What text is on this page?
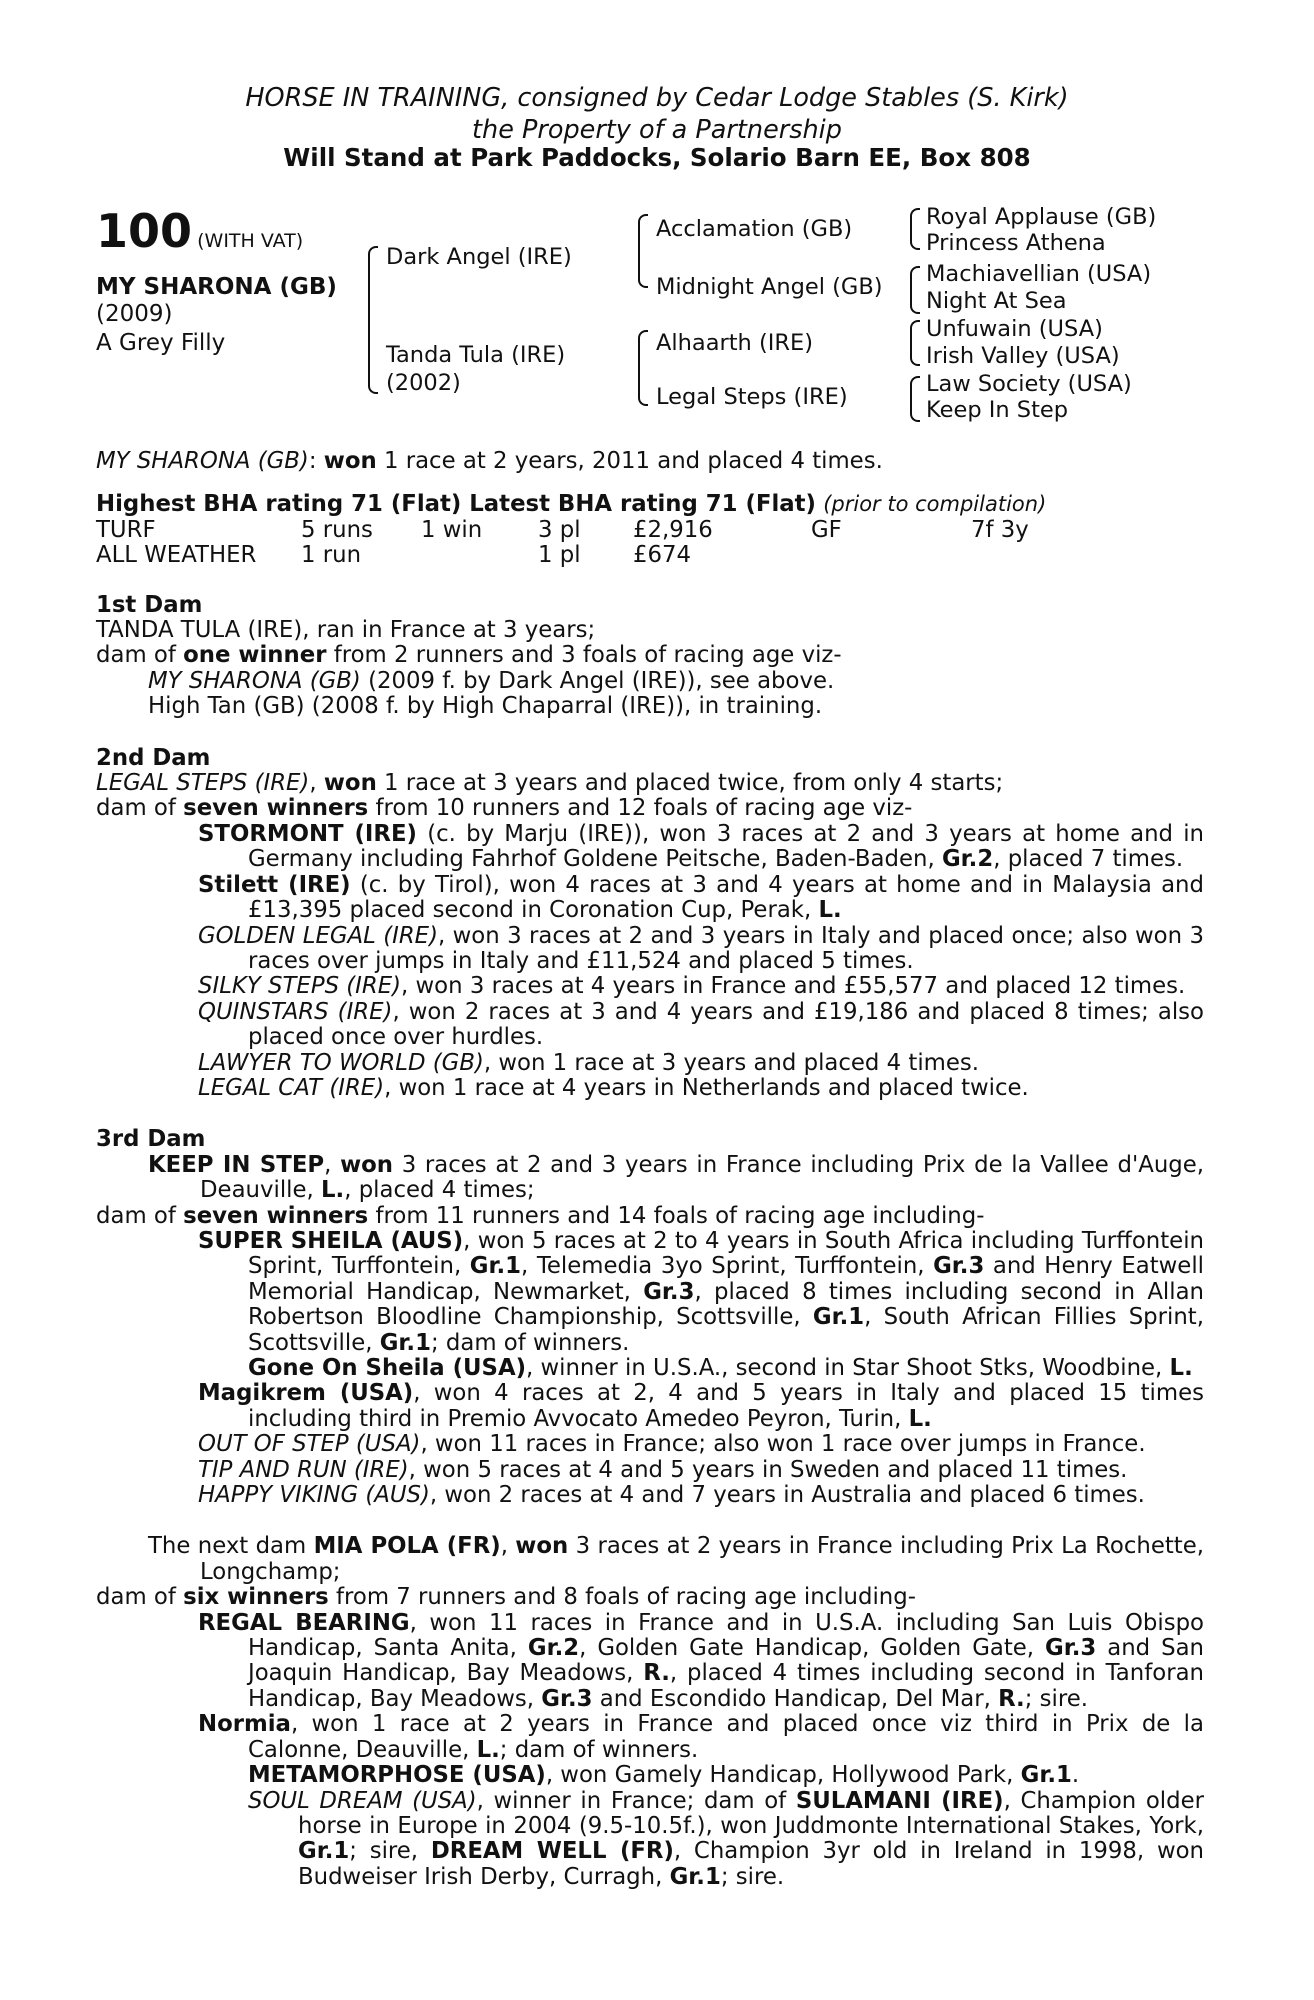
HORSE IN TRAINING, consigned by Cedar Lodge Stables (S. Kirk)
the Property of a Partnership
Will Stand at Park Paddocks, Solario Barn EE, Box 808
100 (WITH VAT)
MY SHARONA (GB)
(2009)
A Grey Filly
Dark Angel (IRE)
Tanda Tula (IRE)
(2002)
Acclamation (GB)
Midnight Angel (GB)
Alhaarth (IRE)
Legal Steps (IRE)
Royal Applause (GB)
Princess Athena
Machiavellian (USA)
Night At Sea
Unfuwain (USA)
Irish Valley (USA)
Law Society (USA)
Keep In Step

MY SHARONA (GB): won 1 race at 2 years, 2011 and placed 4 times.

Highest BHA rating 71 (Flat) Latest BHA rating 71 (Flat) (prior to compilation)

TURF	5 runs	1 win	3 pl	£2,916	GF	7f 3y
ALL WEATHER	1 run	1 pl	£674

1st Dam

TANDA TULA (IRE), ran in France at 3 years;

dam of one winner from 2 runners and 3 foals of racing age viz-

MY SHARONA (GB) (2009 f. by Dark Angel (IRE)), see above.

High Tan (GB) (2008 f. by High Chaparral (IRE)), in training.

2nd Dam

LEGAL STEPS (IRE), won 1 race at 3 years and placed twice, from only 4 starts;

dam of seven winners from 10 runners and 12 foals of racing age viz-

STORMONT (IRE) (c. by Marju (IRE)), won 3 races at 2 and 3 years at home and in Germany including Fahrhof Goldene Peitsche, Baden-Baden, Gr.2, placed 7 times.

Stilett (IRE) (c. by Tirol), won 4 races at 3 and 4 years at home and in Malaysia and £13,395 placed second in Coronation Cup, Perak, L.

GOLDEN LEGAL (IRE), won 3 races at 2 and 3 years in Italy and placed once; also won 3 races over jumps in Italy and £11,524 and placed 5 times.

SILKY STEPS (IRE), won 3 races at 4 years in France and £55,577 and placed 12 times.

QUINSTARS (IRE), won 2 races at 3 and 4 years and £19,186 and placed 8 times; also placed once over hurdles.

LAWYER TO WORLD (GB), won 1 race at 3 years and placed 4 times.

LEGAL CAT (IRE), won 1 race at 4 years in Netherlands and placed twice.

3rd Dam

KEEP IN STEP, won 3 races at 2 and 3 years in France including Prix de la Vallee d'Auge, Deauville, L., placed 4 times;

dam of seven winners from 11 runners and 14 foals of racing age including-

SUPER SHEILA (AUS), won 5 races at 2 to 4 years in South Africa including Turffontein Sprint, Turffontein, Gr.1, Telemedia 3yo Sprint, Turffontein, Gr.3 and Henry Eatwell Memorial Handicap, Newmarket, Gr.3, placed 8 times including second in Allan Robertson Bloodline Championship, Scottsville, Gr.1, South African Fillies Sprint, Scottsville, Gr.1; dam of winners.

Gone On Sheila (USA), winner in U.S.A., second in Star Shoot Stks, Woodbine, L.

Magikrem (USA), won 4 races at 2, 4 and 5 years in Italy and placed 15 times including third in Premio Avvocato Amedeo Peyron, Turin, L.

OUT OF STEP (USA), won 11 races in France; also won 1 race over jumps in France.

TIP AND RUN (IRE), won 5 races at 4 and 5 years in Sweden and placed 11 times.

HAPPY VIKING (AUS), won 2 races at 4 and 7 years in Australia and placed 6 times.

The next dam MIA POLA (FR), won 3 races at 2 years in France including Prix La Rochette, Longchamp;

dam of six winners from 7 runners and 8 foals of racing age including-

REGAL BEARING, won 11 races in France and in U.S.A. including San Luis Obispo Handicap, Santa Anita, Gr.2, Golden Gate Handicap, Golden Gate, Gr.3 and San Joaquin Handicap, Bay Meadows, R., placed 4 times including second in Tanforan Handicap, Bay Meadows, Gr.3 and Escondido Handicap, Del Mar, R.; sire.

Normia, won 1 race at 2 years in France and placed once viz third in Prix de la Calonne, Deauville, L.; dam of winners.

METAMORPHOSE (USA), won Gamely Handicap, Hollywood Park, Gr.1.

SOUL DREAM (USA), winner in France; dam of SULAMANI (IRE), Champion older horse in Europe in 2004 (9.5-10.5f.), won Juddmonte International Stakes, York, Gr.1; sire, DREAM WELL (FR), Champion 3yr old in Ireland in 1998, won Budweiser Irish Derby, Curragh, Gr.1; sire.
